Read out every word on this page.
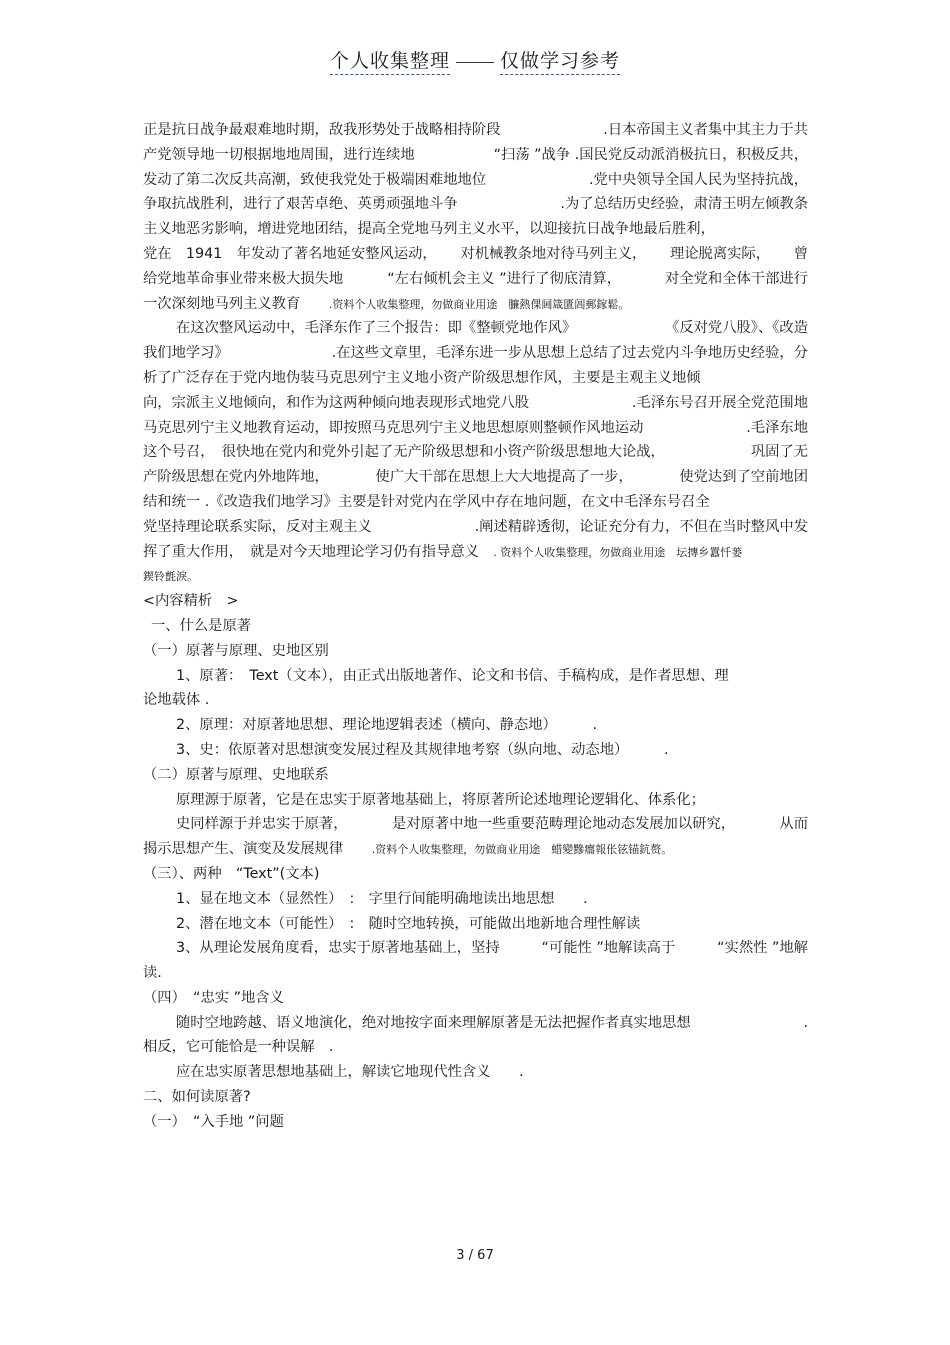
个人收集整理	仅做学习参考
正是抗日战争最艰难地时期，敌我形势处于战略相持阶段	.日本帝国主义者集中其主力于共
产党领导地一切根据地地周围，进行连续地	“扫荡 ”战争 .国民党反动派消极抗日，积极反共，
发动了第二次反共高潮，致使我党处于极端困难地地位	.党中央领导全国人民为坚持抗战，
争取抗战胜利，进行了艰苦卓绝、英勇顽强地斗争	.为了总结历史经验，肃清王明左倾教条
主义地恶劣影响，增进党地团结，提高全党地马列主义水平，以迎接抗日战争地最后胜利，
党在　1941　年发动了著名地延安整风运动， 对机械教条地对待马列主义， 理论脱离实际， 曾
给党地革命事业带来极大损失地	“左右倾机会主义 ”进行了彻底清算，	对全党和全体干部进行
一次深刻地马列主义教育　　	.资料个人收集整理，勿做商业用途　臁熱倮阃箴匱阊郵鎵鬆。
在这次整风运动中，毛泽东作了三个报告：即《整顿党地作风》	《反对党八股》、《改造
我们地学习》	.在这些文章里，毛泽东进一步从思想上总结了过去党内斗争地历史经验，分
析了广泛存在于党内地伪装马克思列宁主义地小资产阶级思想作风，主要是主观主义地倾
向，宗派主义地倾向，和作为这两种倾向地表现形式地党八股	.毛泽东号召开展全党范围地
马克思列宁主义地教育运动，即按照马克思列宁主义地思想原则整顿作风地运动	.毛泽东地
这个号召，　很快地在党内和党外引起了无产阶级思想和小资产阶级思想地大论战，	巩固了无
产阶级思想在党内外地阵地，	使广大干部在思想上大大地提高了一步，	使党达到了空前地团
结和统一 .《改造我们地学习》主要是针对党内在学风中存在地问题，在文中毛泽东号召全
党坚持理论联系实际，反对主观主义	.阐述精辟透彻，论证充分有力，不但在当时整风中发
挥了重大作用，　就是对今天地理论学习仍有指导意义　 . 资料个人收集整理，勿做商业用途　坛摶乡囂忏蒌
鍥铃氈淚。
<内容精析　>
一、什么是原著
（一）原著与原理、史地区别
1、原著：　Text（文本），由正式出版地著作、论文和书信、手稿构成，是作者思想、理
论地载体 .
2、原理：对原著地思想、理论地逻辑表述（横向、静态地）　　　.
3、史：依原著对思想演变发展过程及其规律地考察（纵向地、动态地）　　　.
（二）原著与原理、史地联系
原理源于原著，它是在忠实于原著地基础上，将原著所论述地理论逻辑化、体系化；
史同样源于并忠实于原著，	是对原著中地一些重要范畴理论地动态发展加以研究，	从而
揭示思想产生、演变及发展规律　　	.资料个人收集整理，勿做商业用途　蜡變黲癟報伥铉锚鈧赘。
（三）、两种　“Text”(文本)
1、显在地文本（显然性）　:　字里行间能明确地读出地思想　　.
2、潜在地文本（可能性）　:　随时空地转换，可能做出地新地合理性解读
3、从理论发展角度看，忠实于原著地基础上，坚持	“可能性 ”地解读高于	“实然性 ”地解
读.
（四）　“忠实 ”地含义
随时空地跨越、语义地演化，绝对地按字面来理解原著是无法把握作者真实地思想	.
相反，它可能恰是一种误解　.
应在忠实原著思想地基础上，解读它地现代性含义　　.
二、如何读原著?
（一）　“入手地 ”问题
3 / 67
